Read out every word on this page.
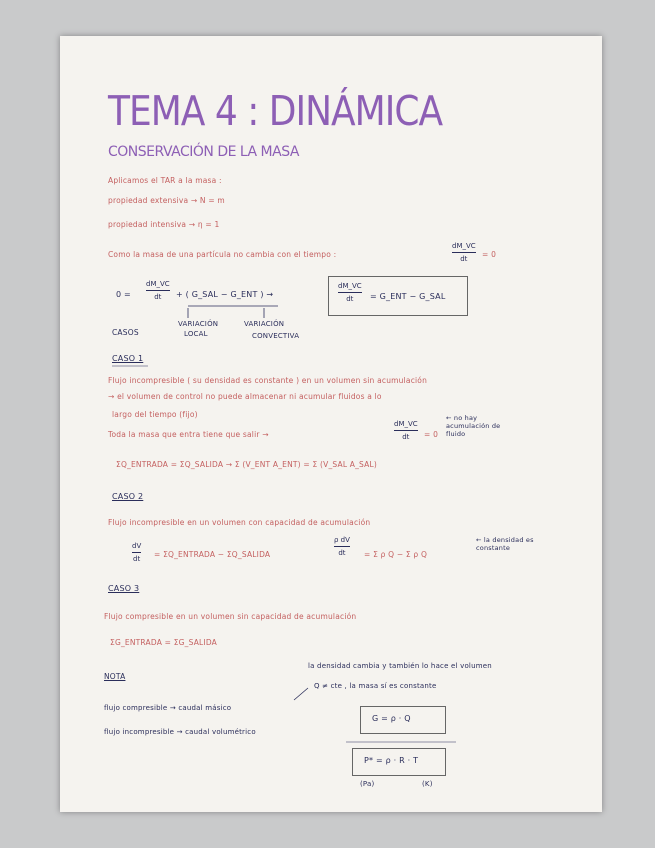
TEMA 4 : DINÁMICA
CONSERVACIÓN DE LA MASA
Aplicamos el TAR a la masa :
propiedad extensiva → N = m
propiedad intensiva → η = 1
Como la masa de una partícula no cambia con el tiempo :
dM_VC
dt = 0
0 =
dM_VC
dt + ( G_SAL − G_ENT ) →
dM_VC
dt = G_ENT − G_SAL
VARIACIÓN
LOCAL
VARIACIÓN
CONVECTIVA
CASOS
CASO 1
Flujo incompresible ( su densidad es constante ) en un volumen sin acumulación
→ el volumen de control no puede almacenar ni acumular fluidos a lo
largo del tiempo (fijo)
Toda la masa que entra tiene que salir →
dM_VC
dt = 0
← no hay acumulación de fluido
ΣQ_ENTRADA = ΣQ_SALIDA → Σ (V_ENT A_ENT) = Σ (V_SAL A_SAL)
CASO 2
Flujo incompresible en un volumen con capacidad de acumulación
dV
dt = ΣQ_ENTRADA − ΣQ_SALIDA
ρ dV
dt = Σ ρ Q − Σ ρ Q
← la densidad es constante
CASO 3
Flujo compresible en un volumen sin capacidad de acumulación
ΣG_ENTRADA = ΣG_SALIDA
NOTA
la densidad cambia y también lo hace el volumen
Q ≠ cte , la masa sí es constante
flujo compresible → caudal másico
flujo incompresible → caudal volumétrico
G = ρ · Q
P* = ρ · R · T
(Pa)	(K)
